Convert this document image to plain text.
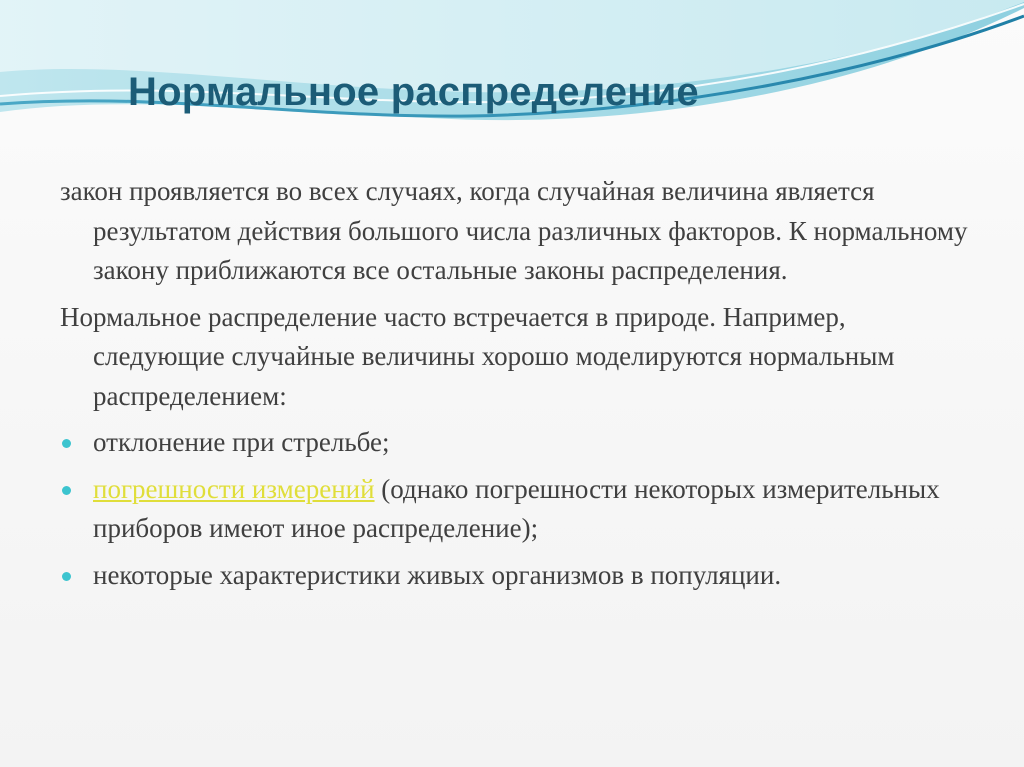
Нормальное распределение

закон проявляется во всех случаях, когда случайная величина является результатом действия большого числа различных факторов. К нормальному закону приближаются все остальные законы распределения.

Нормальное распределение часто встречается в природе. Например, следующие случайные величины хорошо моделируются нормальным распределением:

отклонение при стрельбе;
погрешности измерений (однако погрешности некоторых измерительных приборов имеют иное распределение);
некоторые характеристики живых организмов в популяции.
